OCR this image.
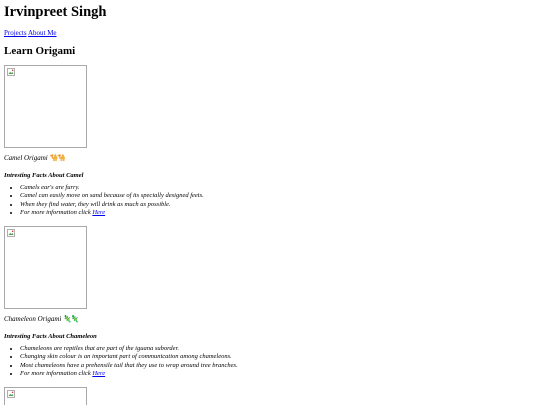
Irvinpreet Singh
Projects About Me
Learn Origami

Camel Origami 🐪🐪

Intresting Facts About Camel

• Camels ear's are furry.
• Camel can easily move on sand because of its specially designed feets.
• When they find water, they will drink as much as possible.
• For more information click Here

Chameleon Origami 🦎🦎

Intresting Facts About Chameleon

• Chameleons are reptiles that are part of the iguana suborder.
• Changing skin colour is an important part of communication among chameleons.
• Most chameleons have a prehensile tail that they use to wrap around tree branches.
• For more information click Here
